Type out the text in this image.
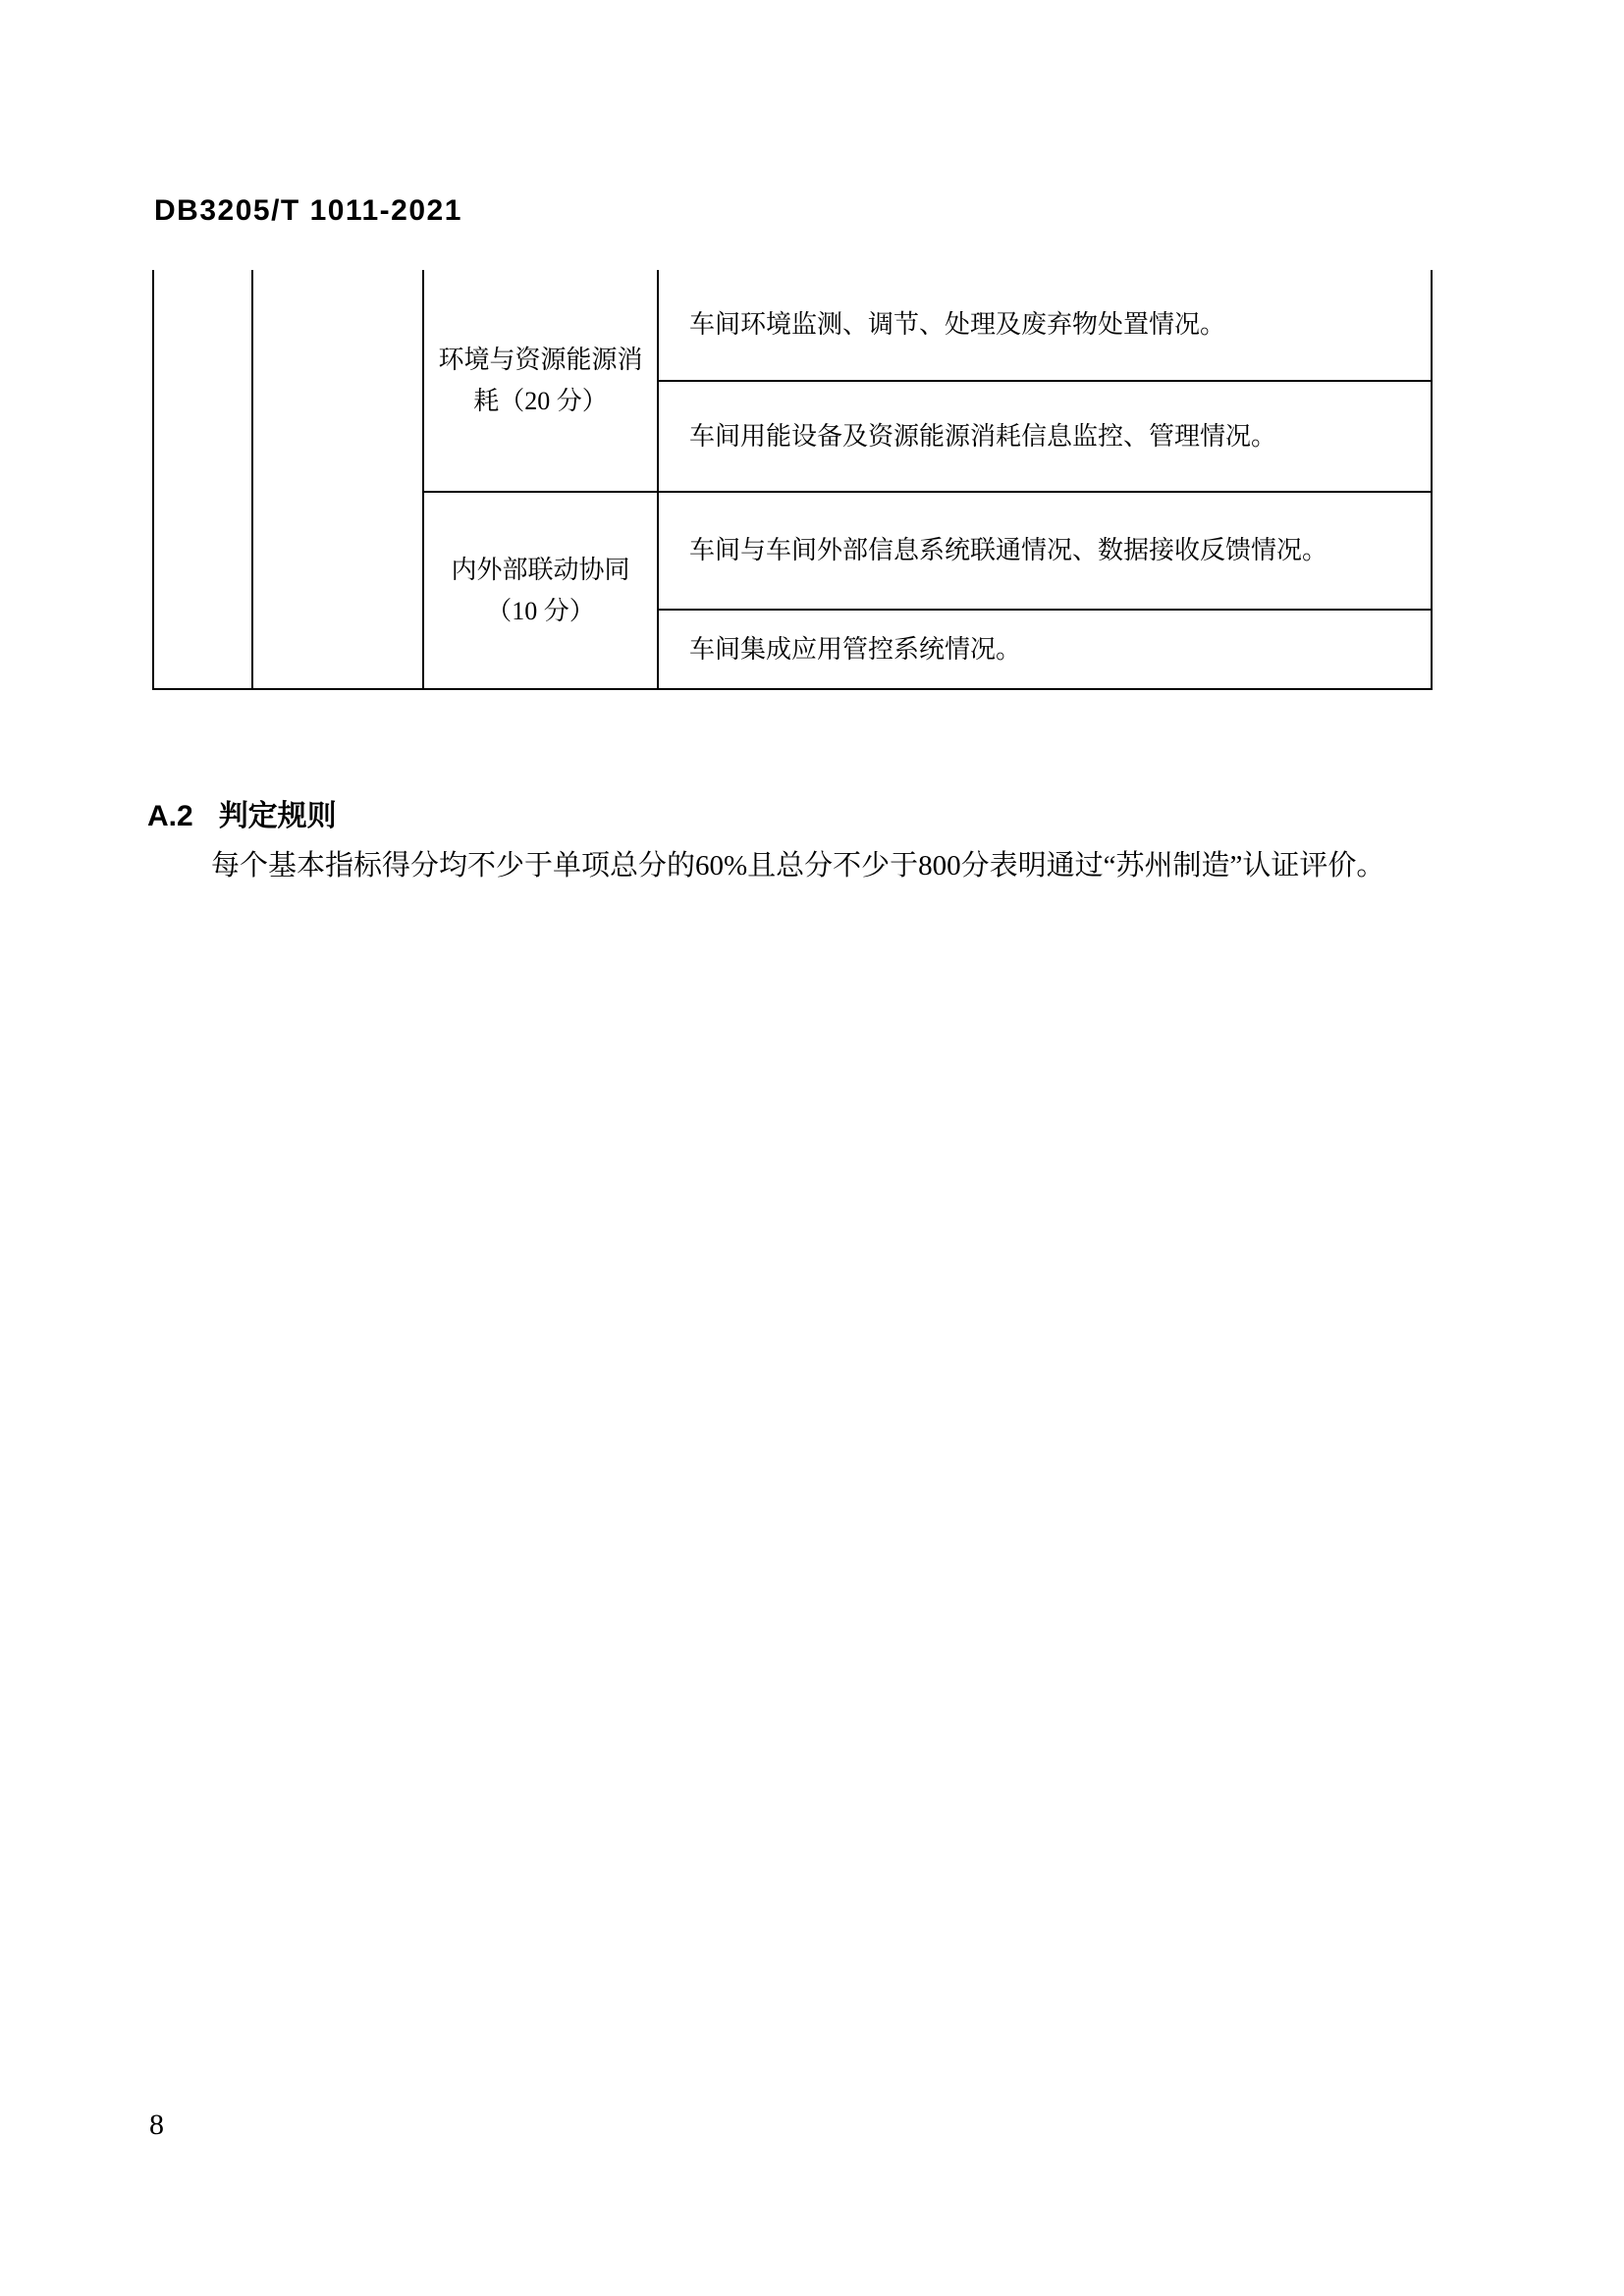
DB3205/T 1011-2021
环境与资源能源消
耗（20 分）
车间环境监测、调节、处理及废弃物处置情况。
车间用能设备及资源能源消耗信息监控、管理情况。
内外部联动协同
（10 分）
车间与车间外部信息系统联通情况、数据接收反馈情况。
车间集成应用管控系统情况。
A.2 判定规则
每个基本指标得分均不少于单项总分的60%且总分不少于800分表明通过“苏州制造”认证评价。
8
